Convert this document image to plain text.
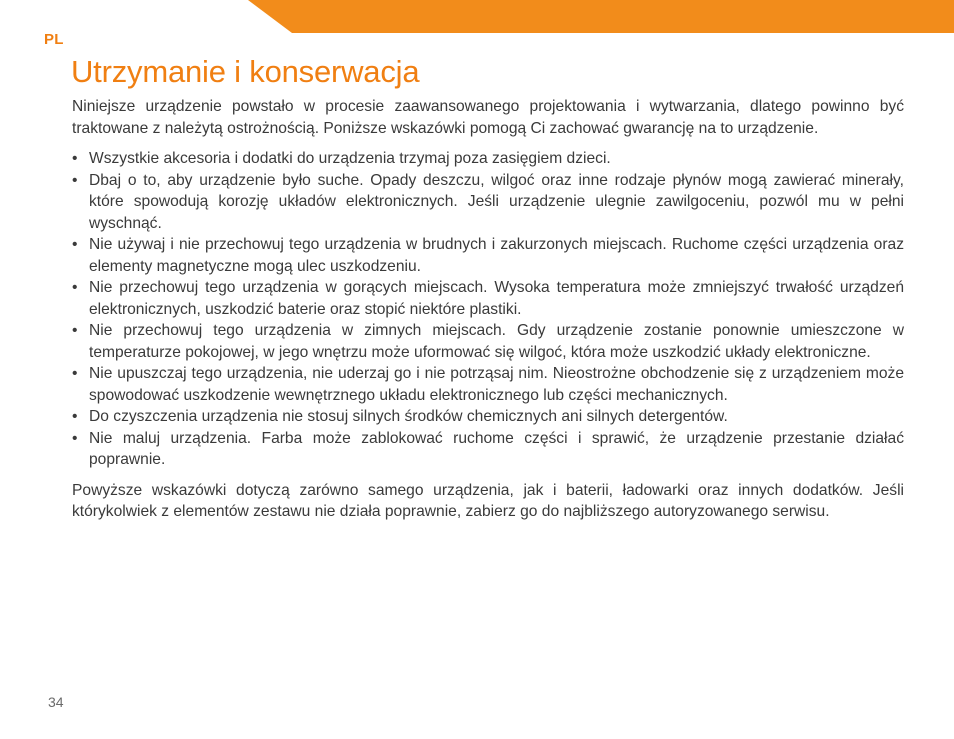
PL
Utrzymanie i konserwacja

Niniejsze urządzenie powstało w procesie zaawansowanego projektowania i wytwarzania, dlatego powinno być traktowane z należytą ostrożnością. Poniższe wskazówki pomogą Ci zachować gwarancję na to urządzenie.

• Wszystkie akcesoria i dodatki do urządzenia trzymaj poza zasięgiem dzieci.
• Dbaj o to, aby urządzenie było suche. Opady deszczu, wilgoć oraz inne rodzaje płynów mogą zawierać minerały, które spowodują korozję układów elektronicznych. Jeśli urządzenie ulegnie zawilgoceniu, pozwól mu w pełni wyschnąć.
• Nie używaj i nie przechowuj tego urządzenia w brudnych i zakurzonych miejscach. Ruchome części urządzenia oraz elementy magnetyczne mogą ulec uszkodzeniu.
• Nie przechowuj tego urządzenia w gorących miejscach. Wysoka temperatura może zmniejszyć trwałość urządzeń elektronicznych, uszkodzić baterie oraz stopić niektóre plastiki.
• Nie przechowuj tego urządzenia w zimnych miejscach. Gdy urządzenie zostanie ponownie umieszczone w temperaturze pokojowej, w jego wnętrzu może uformować się wilgoć, która może uszkodzić układy elektroniczne.
• Nie upuszczaj tego urządzenia, nie uderzaj go i nie potrząsaj nim. Nieostrożne obchodzenie się z urządzeniem może spowodować uszkodzenie wewnętrznego układu elektronicznego lub części mechanicznych.
• Do czyszczenia urządzenia nie stosuj silnych środków chemicznych ani silnych detergentów.
• Nie maluj urządzenia. Farba może zablokować ruchome części i sprawić, że urządzenie przestanie działać poprawnie.

Powyższe wskazówki dotyczą zarówno samego urządzenia, jak i baterii, ładowarki oraz innych dodatków. Jeśli którykolwiek z elementów zestawu nie działa poprawnie, zabierz go do najbliższego autoryzowanego serwisu.

34
